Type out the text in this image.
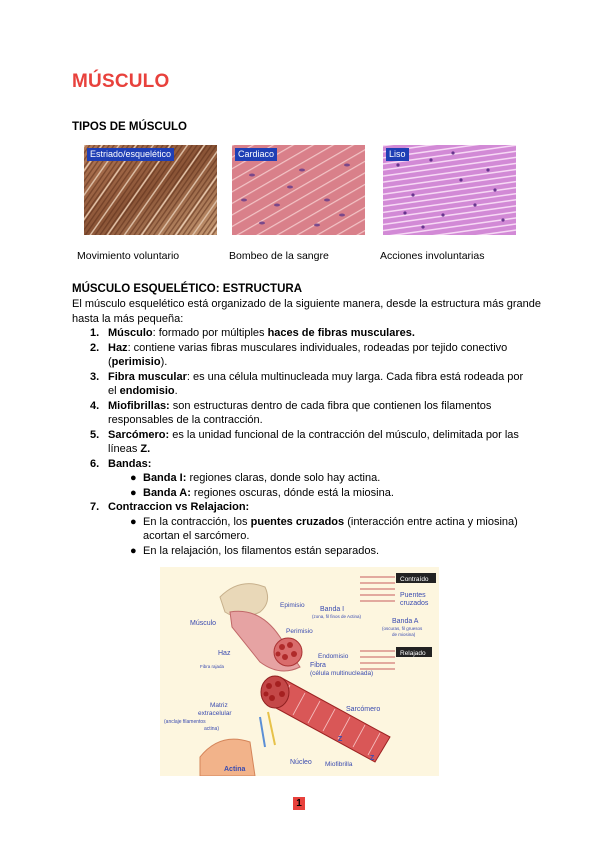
MÚSCULO
TIPOS DE MÚSCULO
Estriado/esquelético	Cardiaco	Liso
Movimiento voluntario	Bombeo de la sangre	Acciones involuntarias
MÚSCULO ESQUELÉTICO: ESTRUCTURA
El músculo esquelético está organizado de la siguiente manera, desde la estructura más grande hasta la más pequeña:
1. Músculo: formado por múltiples haces de fibras musculares.
2. Haz: contiene varias fibras musculares individuales, rodeadas por tejido conectivo (perimisio).
3. Fibra muscular: es una célula multinucleada muy larga. Cada fibra está rodeada por el endomisio.
4. Miofibrillas: son estructuras dentro de cada fibra que contienen los filamentos responsables de la contracción.
5. Sarcómero: es la unidad funcional de la contracción del músculo, delimitada por las líneas Z.
6. Bandas:
● Banda I: regiones claras, donde solo hay actina.
● Banda A: regiones oscuras, dónde está la miosina.
7. Contraccion vs Relajacion:
● En la contracción, los puentes cruzados (interacción entre actina y miosina) acortan el sarcómero.
● En la relajación, los filamentos están separados.
Contraído
Relajado
Puentes
cruzados
Banda I
(zona, fil finos de Actina)
Banda A
(oscuras, fil gruesos
de miosina)
Epimisio
Músculo
Perimisio
Haz
Fibra rajada
Endomisio
Fibra
(célula multinucleada)
Sarcómero
Matriz
extracelular
(anclaje filamentos
actina)
Núcleo Miofibrilla
Z
Z
Actina
1
